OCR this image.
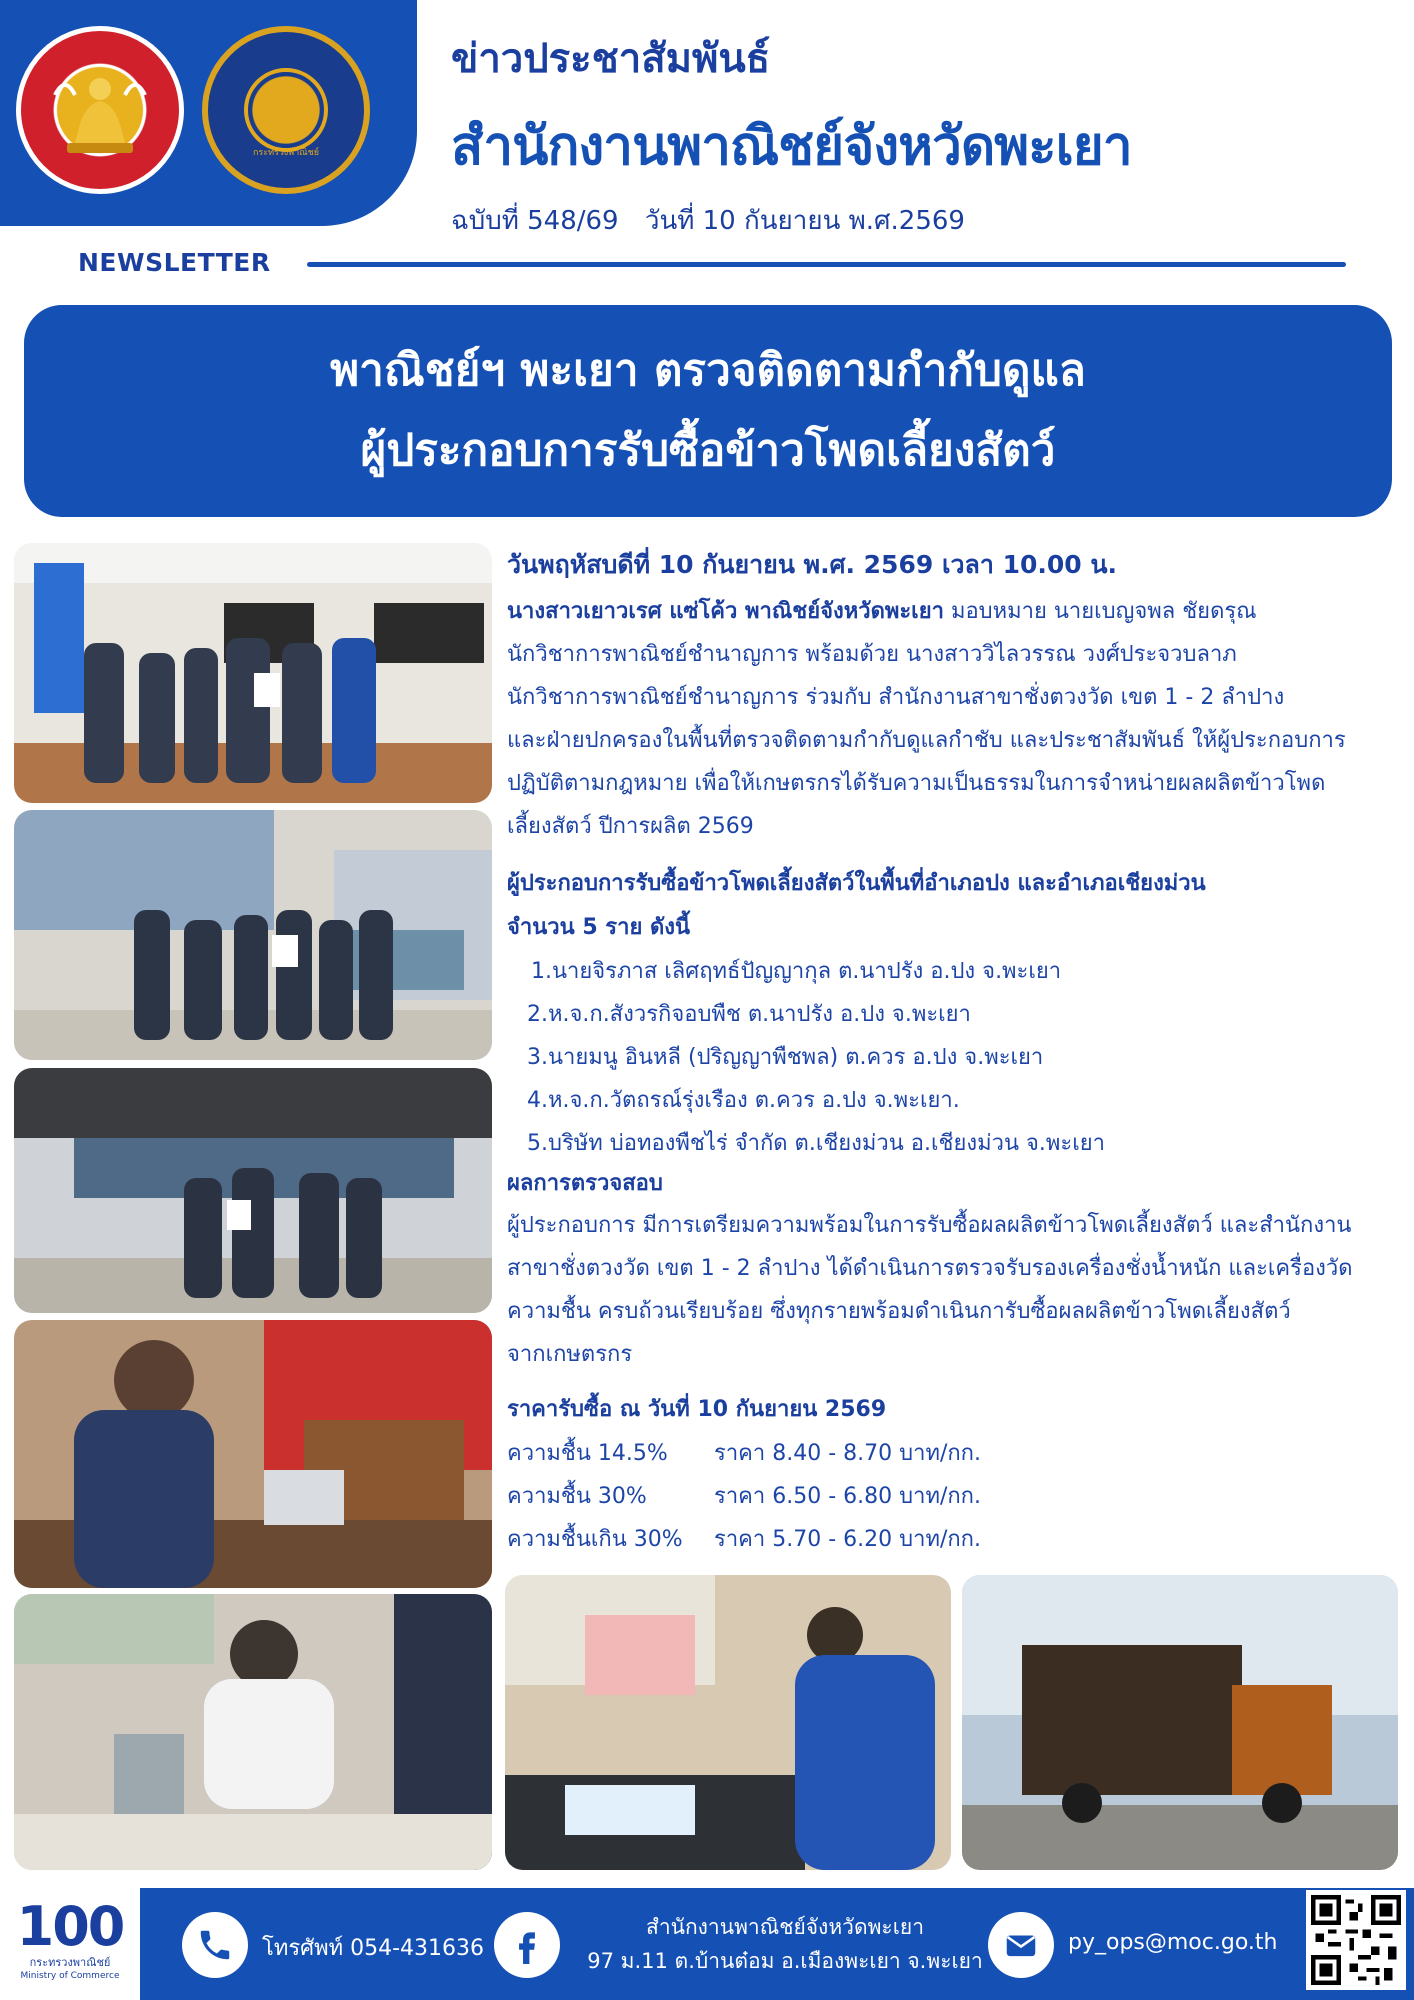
กระทรวงพาณิชย์
ข่าวประชาสัมพันธ์
สำนักงานพาณิชย์จังหวัดพะเยา
ฉบับที่ 548/69 วันที่ 10 กันยายน พ.ศ.2569
NEWSLETTER
พาณิชย์ฯ พะเยา ตรวจติดตามกำกับดูแล
ผู้ประกอบการรับซื้อข้าวโพดเลี้ยงสัตว์
วันพฤหัสบดีที่ 10 กันยายน พ.ศ. 2569 เวลา 10.00 น.
นางสาวเยาวเรศ แซ่โค้ว พาณิชย์จังหวัดพะเยา มอบหมาย นายเบญจพล ชัยดรุณ
นักวิชาการพาณิชย์ชำนาญการ พร้อมด้วย นางสาววิไลวรรณ วงศ์ประจวบลาภ
นักวิชาการพาณิชย์ชำนาญการ ร่วมกับ สำนักงานสาขาชั่งตวงวัด เขต 1 - 2 ลำปาง
และฝ่ายปกครองในพื้นที่ตรวจติดตามกำกับดูแลกำชับ และประชาสัมพันธ์ ให้ผู้ประกอบการ
ปฏิบัติตามกฎหมาย เพื่อให้เกษตรกรได้รับความเป็นธรรมในการจำหน่ายผลผลิตข้าวโพด
เลี้ยงสัตว์ ปีการผลิต 2569
ผู้ประกอบการรับซื้อข้าวโพดเลี้ยงสัตว์ในพื้นที่อำเภอปง และอำเภอเชียงม่วน
จำนวน 5 ราย ดังนี้
1.นายจิรภาส เลิศฤทธ์ปัญญากุล ต.นาปรัง อ.ปง จ.พะเยา
2.ห.จ.ก.สังวรกิจอบพืช ต.นาปรัง อ.ปง จ.พะเยา
3.นายมนู อินหลี (ปริญญาพืชพล) ต.ควร อ.ปง จ.พะเยา
4.ห.จ.ก.วัตถรณ์รุ่งเรือง ต.ควร อ.ปง จ.พะเยา.
5.บริษัท บ่อทองพืชไร่ จำกัด ต.เชียงม่วน อ.เชียงม่วน จ.พะเยา
ผลการตรวจสอบ
ผู้ประกอบการ มีการเตรียมความพร้อมในการรับซื้อผลผลิตข้าวโพดเลี้ยงสัตว์ และสำนักงาน
สาขาชั่งตวงวัด เขต 1 - 2 ลำปาง ได้ดำเนินการตรวจรับรองเครื่องชั่งน้ำหนัก และเครื่องวัด
ความชื้น ครบถ้วนเรียบร้อย ซึ่งทุกรายพร้อมดำเนินการับซื้อผลผลิตข้าวโพดเลี้ยงสัตว์
จากเกษตรกร
ราคารับซื้อ ณ วันที่ 10 กันยายน 2569
ความชื้น 14.5%	ราคา 8.40 - 8.70 บาท/กก.
ความชื้น 30%	ราคา 6.50 - 6.80 บาท/กก.
ความชื้นเกิน 30%	ราคา 5.70 - 6.20 บาท/กก.
100
กระทรวงพาณิชย์
Ministry of Commerce
โทรศัพท์ 054-431636
สำนักงานพาณิชย์จังหวัดพะเยา
97 ม.11 ต.บ้านต๋อม อ.เมืองพะเยา จ.พะเยา
py_ops@moc.go.th
